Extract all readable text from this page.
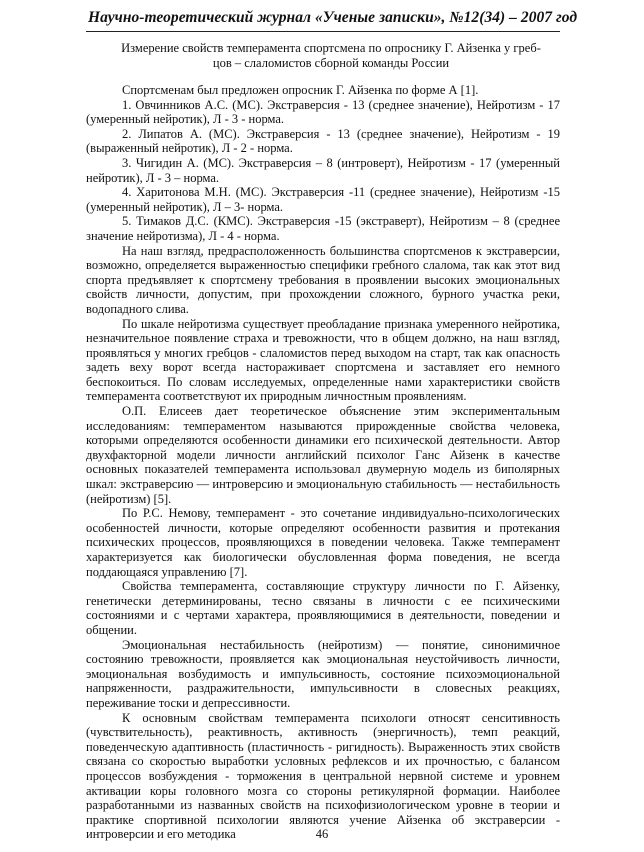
Научно-теоретический журнал «Ученые записки», №12(34) – 2007 год
Измерение свойств темперамента спортсмена по опроснику Г. Айзенка у греб-
цов – слаломистов сборной команды России

Спортсменам был предложен опросник Г. Айзенка по форме А [1].

1. Овчинников А.С. (МС). Экстраверсия - 13 (среднее значение), Нейротизм - 17 (умеренный нейротик), Л - 3 - норма.

2. Липатов А. (МС). Экстраверсия - 13 (среднее значение), Нейротизм - 19 (выраженный нейротик), Л - 2 - норма.

3. Чигидин А. (МС). Экстраверсия – 8 (интроверт), Нейротизм - 17 (умеренный нейротик), Л - 3 – норма.

4. Харитонова М.Н. (МС). Экстраверсия -11 (среднее значение), Нейротизм -15 (умеренный нейротик), Л – 3- норма.

5. Тимаков Д.С. (КМС). Экстраверсия -15 (экстраверт), Нейротизм – 8 (среднее значение нейротизма), Л - 4 - норма.

На наш взгляд, предрасположенность большинства спортсменов к экстраверсии, возможно, определяется выраженностью специфики гребного слалома, так как этот вид спорта предъявляет к спортсмену требования в проявлении высоких эмоциональных свойств личности, допустим, при прохождении сложного, бурного участка реки, водопадного слива.

По шкале нейротизма существует преобладание признака умеренного нейротика, незначительное появление страха и тревожности, что в общем должно, на наш взгляд, проявляться у многих гребцов - слаломистов перед выходом на старт, так как опасность задеть веху ворот всегда настораживает спортсмена и заставляет его немного беспокоиться. По словам исследуемых, определенные нами характеристики свойств темперамента соответствуют их природным личностным проявлениям.

О.П. Елисеев дает теоретическое объяснение этим экспериментальным исследованиям: темпераментом называются прирожденные свойства человека, которыми определяются особенности динамики его психической деятельности. Автор двухфакторной модели личности английский психолог Ганс Айзенк в качестве основных показателей темперамента использовал двумерную модель из биполярных шкал: экстраверсию — интроверсию и эмоциональную стабильность — нестабильность (нейротизм) [5].

По Р.С. Немову, темперамент - это сочетание индивидуально-психологических особенностей личности, которые определяют особенности развития и протекания психических процессов, проявляющихся в поведении человека. Также темперамент характеризуется как биологически обусловленная форма поведения, не всегда поддающаяся управлению [7].

Свойства темперамента, составляющие структуру личности по Г. Айзенку, генетически детерминированы, тесно связаны в личности с ее психическими состояниями и с чертами характера, проявляющимися в деятельности, поведении и общении.

Эмоциональная нестабильность (нейротизм) — понятие, синонимичное состоянию тревожности, проявляется как эмоциональная неустойчивость личности, эмоциональная возбудимость и импульсивность, состояние психоэмоциональной напряженности, раздражительности, импульсивности в словесных реакциях, переживание тоски и депрессивности.

К основным свойствам темперамента психологи относят сенситивность (чувствительность), реактивность, активность (энергичность), темп реакций, поведенческую адаптивность (пластичность - ригидность). Выраженность этих свойств связана со скоростью выработки условных рефлексов и их прочностью, с балансом процессов возбуждения - торможения в центральной нервной системе и уровнем активации коры головного мозга со стороны ретикулярной формации. Наиболее разработанными из названных свойств на психофизиологическом уровне в теории и практике спортивной психологии являются учение Айзенка об экстраверсии - интроверсии и его методика	46
